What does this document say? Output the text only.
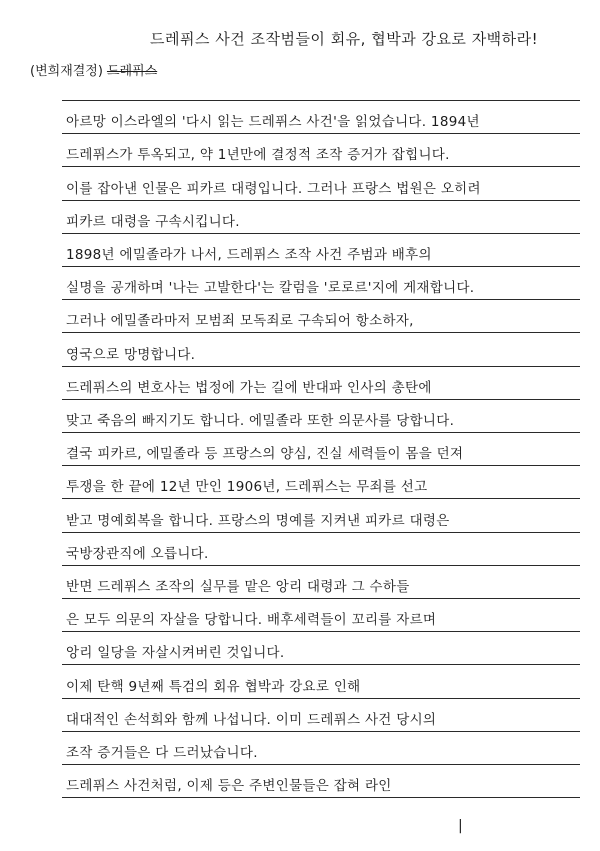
드레퓌스 사건 조작범들이 회유, 협박과 강요로 자백하라!
(변희재결정) 드레퓌스
아르망 이스라엘의 '다시 읽는 드레퓌스 사건'을 읽었습니다. 1894년
드레퓌스가 투옥되고, 약 1년만에 결정적 조작 증거가 잡힙니다.
이를 잡아낸 인물은 피카르 대령입니다. 그러나 프랑스 법원은 오히려
피카르 대령을 구속시킵니다.
1898년 에밀졸라가 나서, 드레퓌스 조작 사건 주범과 배후의
실명을 공개하며 '나는 고발한다'는 칼럼을 '로로르'지에 게재합니다.
그러나 에밀졸라마저 모범죄 모독죄로 구속되어 항소하자,
영국으로 망명합니다.
드레퓌스의 변호사는 법정에 가는 길에 반대파 인사의 총탄에
맞고 죽음의 빠지기도 합니다. 에밀졸라 또한 의문사를 당합니다.
결국 피카르, 에밀졸라 등 프랑스의 양심, 진실 세력들이 몸을 던져
투쟁을 한 끝에 12년 만인 1906년, 드레퓌스는 무죄를 선고
받고 명예회복을 합니다. 프랑스의 명예를 지켜낸 피카르 대령은
국방장관직에 오릅니다.
반면 드레퓌스 조작의 실무를 맡은 앙리 대령과 그 수하들
은 모두 의문의 자살을 당합니다. 배후세력들이 꼬리를 자르며
앙리 일당을 자살시켜버린 것입니다.
이제 탄핵 9년째 특검의 회유 협박과 강요로 인해
대대적인 손석희와 함께 나섭니다. 이미 드레퓌스 사건 당시의
조작 증거들은 다 드러났습니다.
드레퓌스 사건처럼, 이제 등은 주변인물들은 잡혀 라인
|
